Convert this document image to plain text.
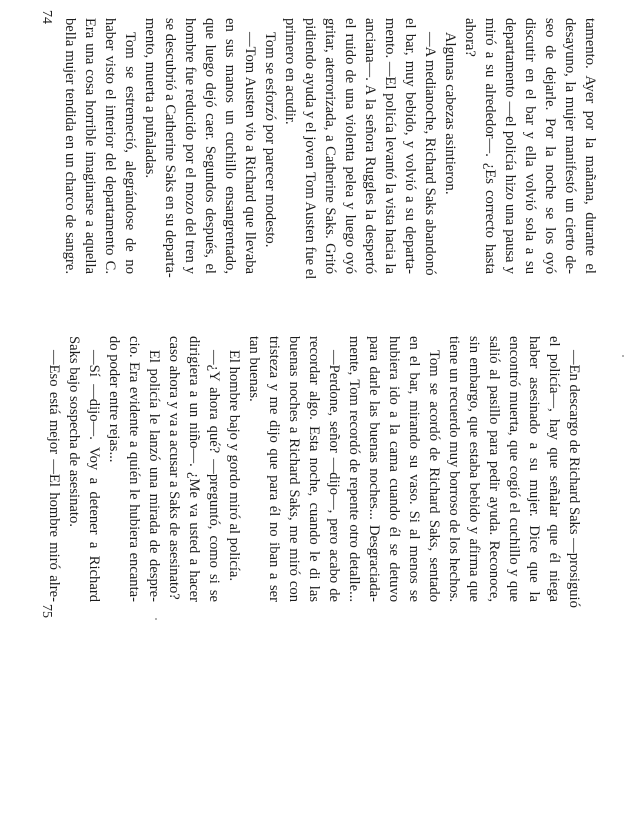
tamento. Ayer por la mañana, durante el
desayuno, la mujer manifestó un cierto de-
seo de dejarle. Por la noche se los oyó
discutir en el bar y ella volvió sola a su
departamento —el policía hizo una pausa y
miró a su alrededor—. ¿Es correcto hasta
ahora?
Algunas cabezas asintieron.
—A medianoche, Richard Saks abandonó
el bar, muy bebido, y volvió a su departa-
mento. —El policía levantó la vista hacia la
anciana—. A la señora Ruggles la despertó
el ruido de una violenta pelea y luego oyó
gritar, aterrorizada, a Catherine Saks. Gritó
pidiendo ayuda y el joven Tom Austen fue el
primero en acudir.
Tom se esforzó por parecer modesto.
—Tom Austen vio a Richard que llevaba
en sus manos un cuchillo ensangrentado,
que luego dejó caer. Segundos después, el
hombre fue reducido por el mozo del tren y
se descubrió a Catherine Saks en su departa-
mento, muerta a puñaladas.
Tom se estremeció, alegrándose de no
haber visto el interior del departamento C.
Era una cosa horrible imaginarse a aquella
bella mujer tendida en un charco de sangre.
—En descargo de Richard Saks —prosiguió
el policía—, hay que señalar que él niega
haber asesinado a su mujer. Dice que la
encontró muerta, que cogió el cuchillo y que
salió al pasillo para pedir ayuda. Reconoce,
sin embargo, que estaba bebido y afirma que
tiene un recuerdo muy borroso de los hechos.
Tom se acordó de Richard Saks, sentado
en el bar, mirando su vaso. Si al menos se
hubiera ido a la cama cuando él se detuvo
para darle las buenas noches... Desgraciada-
mente, Tom recordó de repente otro detalle...
—Perdone, señor —dijo—, pero acabo de
recordar algo. Esta noche, cuando le di las
buenas noches a Richard Saks, me miró con
tristeza y me dijo que para él no iban a ser
tan buenas.
El hombre bajo y gordo miró al policía.
—¿Y ahora qué? —preguntó, como si se
dirigiera a un niño—. ¿Me va usted a hacer
caso ahora y va a acusar a Saks de asesinato?
El policía le lanzó una mirada de despre-
cio. Era evidente a quién le hubiera encanta-
do poder entre rejas...
—Sí —dijo—. Voy a detener a Richard
Saks bajo sospecha de asesinato.
—Eso está mejor —El hombre miró alre-
74
75
